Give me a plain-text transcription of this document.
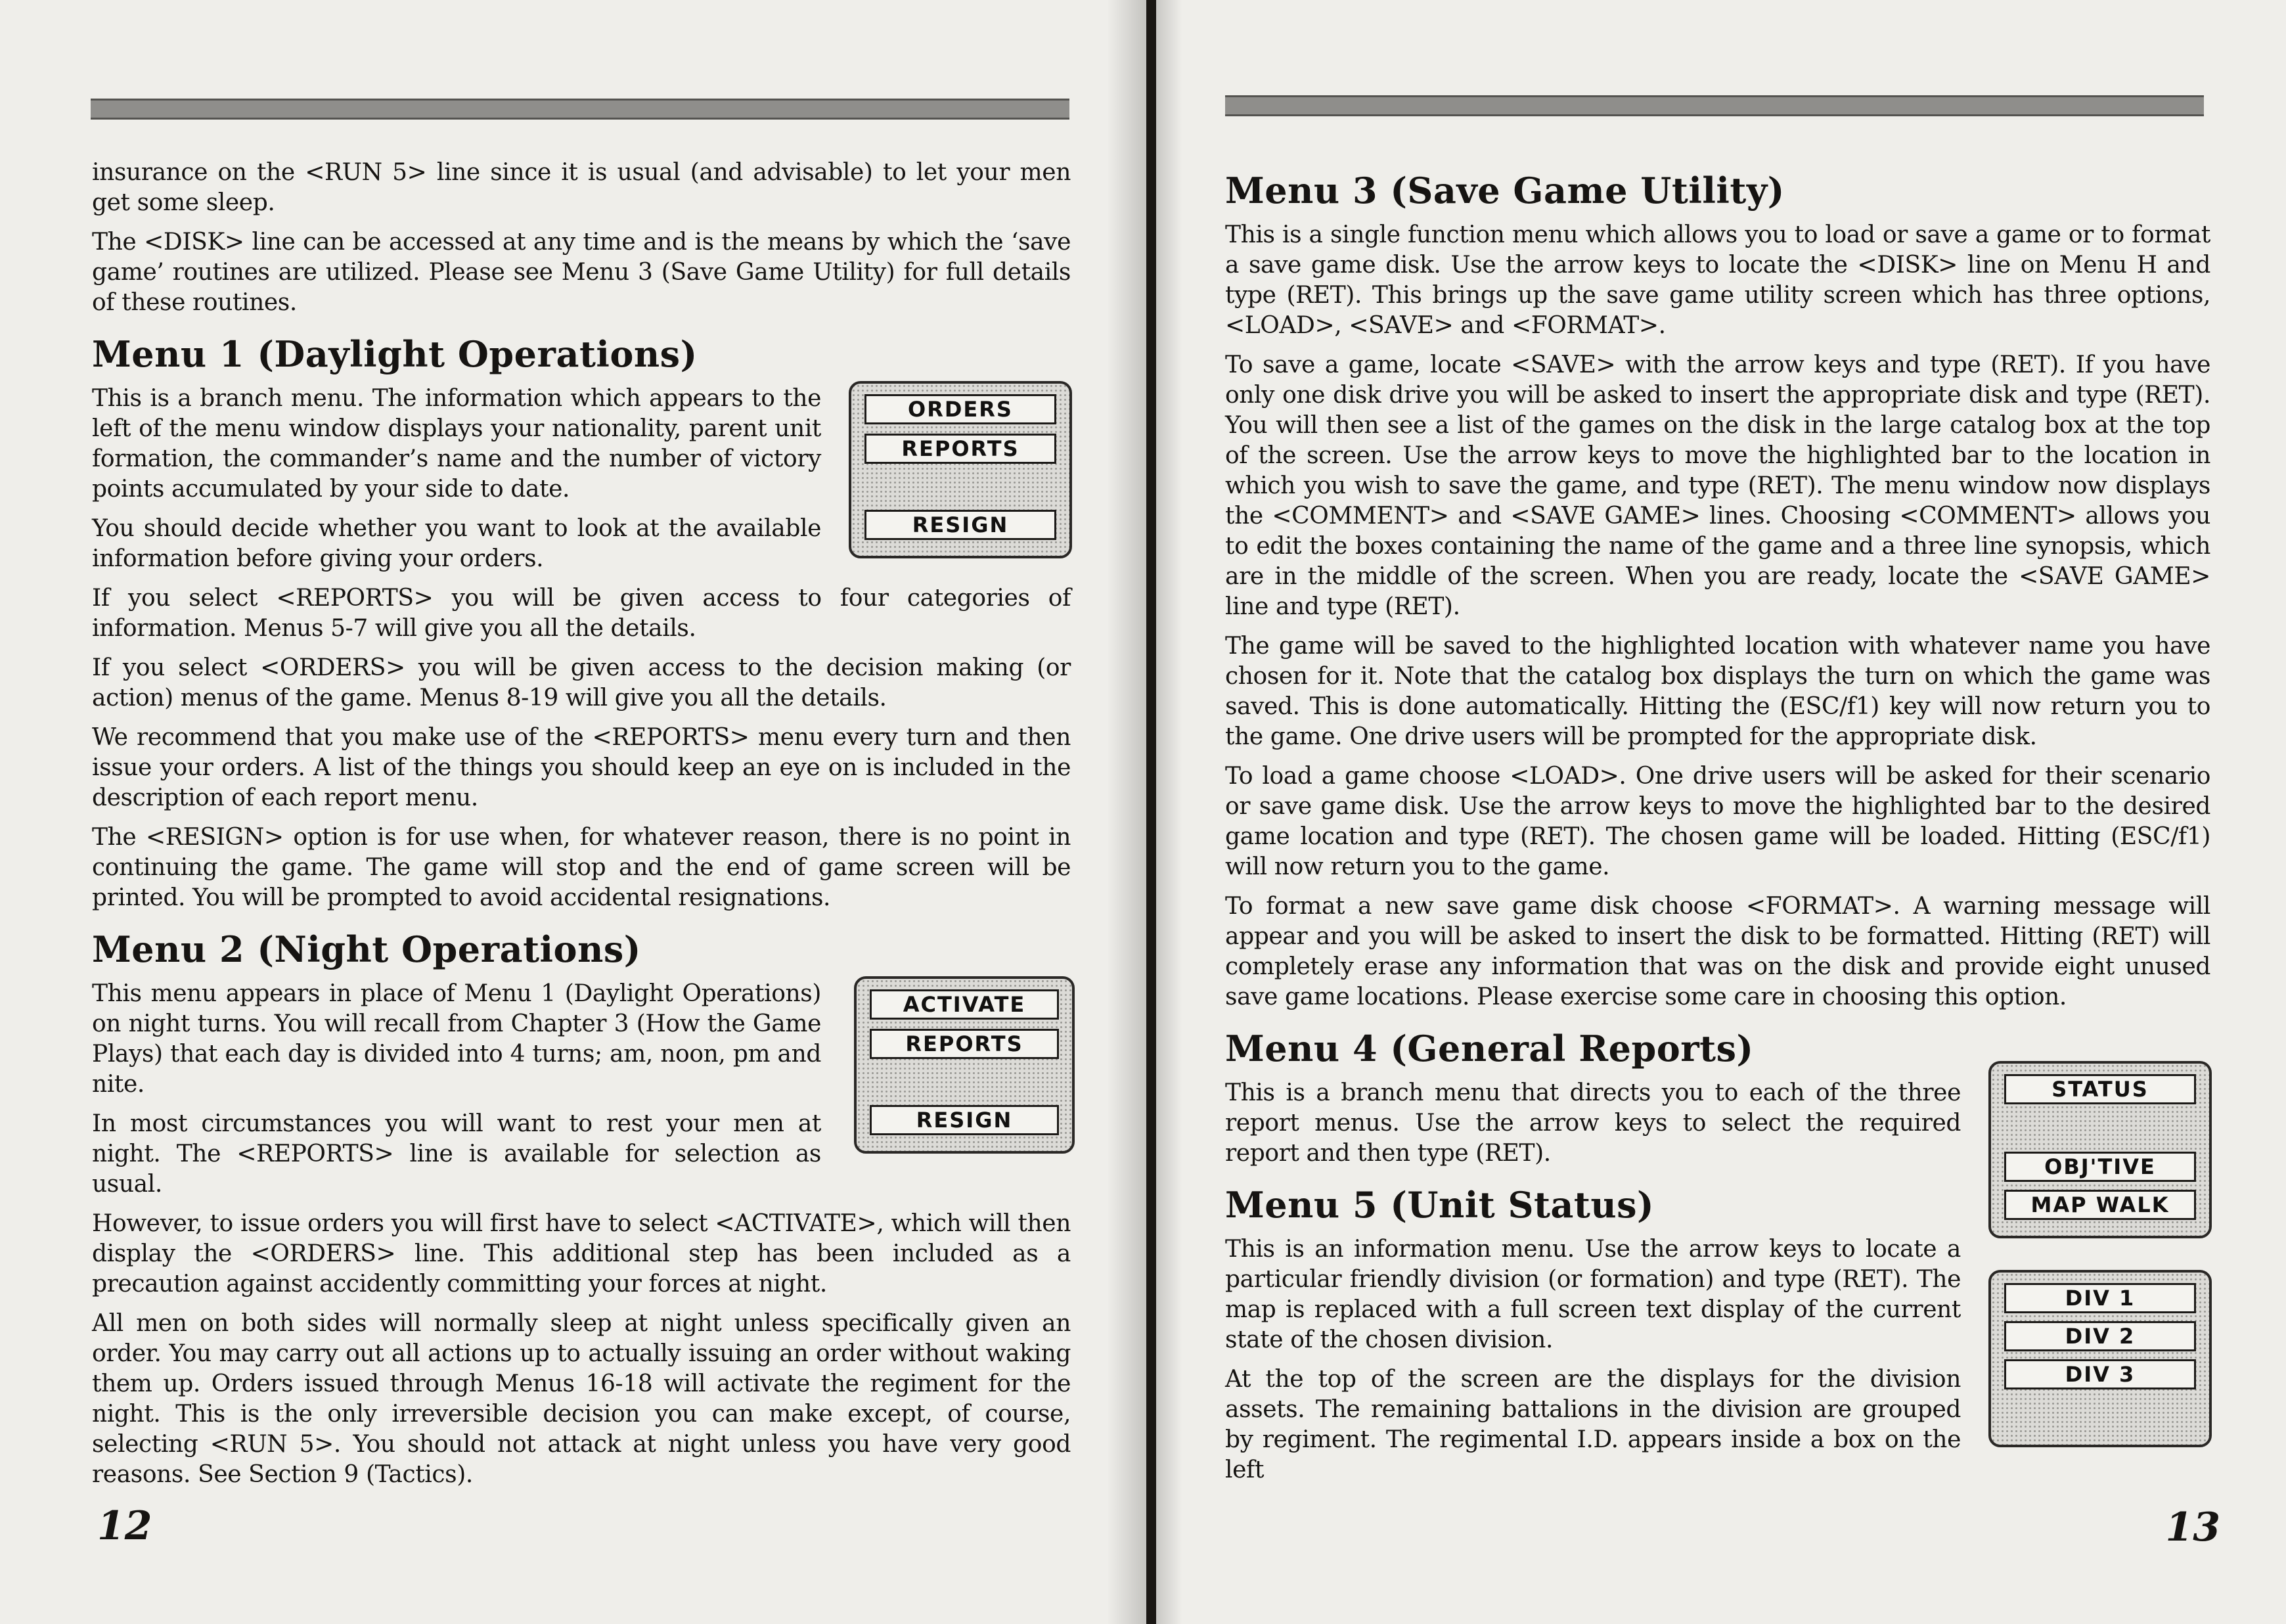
insurance on the <RUN 5> line since it is usual (and advisable) to let your men get some sleep.

The <DISK> line can be accessed at any time and is the means by which the ‘save game’ routines are utilized. Please see Menu 3 (Save Game Utility) for full details of these routines.

Menu 1 (Daylight Operations)

This is a branch menu. The information which appears to the left of the menu window displays your nationality, parent unit formation, the commander’s name and the number of victory points accumulated by your side to date.

You should decide whether you want to look at the available information before giving your orders.

ORDERS
REPORTS
RESIGN

If you select <REPORTS> you will be given access to four categories of information. Menus 5-7 will give you all the details.

If you select <ORDERS> you will be given access to the decision making (or action) menus of the game. Menus 8-19 will give you all the details.

We recommend that you make use of the <REPORTS> menu every turn and then issue your orders. A list of the things you should keep an eye on is included in the description of each report menu.

The <RESIGN> option is for use when, for whatever reason, there is no point in continuing the game. The game will stop and the end of game screen will be printed. You will be prompted to avoid accidental resignations.

Menu 2 (Night Operations)

This menu appears in place of Menu 1 (Daylight Operations) on night turns. You will recall from Chapter 3 (How the Game Plays) that each day is divided into 4 turns; am, noon, pm and nite.

In most circumstances you will want to rest your men at night. The <REPORTS> line is available for selection as usual.

ACTIVATE
REPORTS
RESIGN

However, to issue orders you will first have to select <ACTIVATE>, which will then display the <ORDERS> line. This additional step has been included as a precaution against accidently committing your forces at night.

All men on both sides will normally sleep at night unless specifically given an order. You may carry out all actions up to actually issuing an order without waking them up. Orders issued through Menus 16-18 will activate the regiment for the night. This is the only irreversible decision you can make except, of course, selecting <RUN 5>. You should not attack at night unless you have very good reasons. See Section 9 (Tactics).

12
Menu 3 (Save Game Utility)

This is a single function menu which allows you to load or save a game or to format a save game disk. Use the arrow keys to locate the <DISK> line on Menu H and type (RET). This brings up the save game utility screen which has three options, <LOAD>, <SAVE> and <FORMAT>.

To save a game, locate <SAVE> with the arrow keys and type (RET). If you have only one disk drive you will be asked to insert the appropriate disk and type (RET). You will then see a list of the games on the disk in the large catalog box at the top of the screen. Use the arrow keys to move the highlighted bar to the location in which you wish to save the game, and type (RET). The menu window now displays the <COMMENT> and <SAVE GAME> lines. Choosing <COMMENT> allows you to edit the boxes containing the name of the game and a three line synopsis, which are in the middle of the screen. When you are ready, locate the <SAVE GAME> line and type (RET).

The game will be saved to the highlighted location with whatever name you have chosen for it. Note that the catalog box displays the turn on which the game was saved. This is done automatically. Hitting the (ESC/f1) key will now return you to the game. One drive users will be prompted for the appropriate disk.

To load a game choose <LOAD>. One drive users will be asked for their scenario or save game disk. Use the arrow keys to move the highlighted bar to the desired game location and type (RET). The chosen game will be loaded. Hitting (ESC/f1) will now return you to the game.

To format a new save game disk choose <FORMAT>. A warning message will appear and you will be asked to insert the disk to be formatted. Hitting (RET) will completely erase any information that was on the disk and provide eight unused save game locations. Please exercise some care in choosing this option.

Menu 4 (General Reports)

This is a branch menu that directs you to each of the three report menus. Use the arrow keys to select the required report and then type (RET).

Menu 5 (Unit Status)

This is an information menu. Use the arrow keys to locate a particular friendly division (or formation) and type (RET). The map is replaced with a full screen text display of the current state of the chosen division.

At the top of the screen are the displays for the division assets. The remaining battalions in the division are grouped by regiment. The regimental I.D. appears inside a box on the left

STATUS
OBJ'TIVE
MAP WALK
DIV 1
DIV 2
DIV 3
13
